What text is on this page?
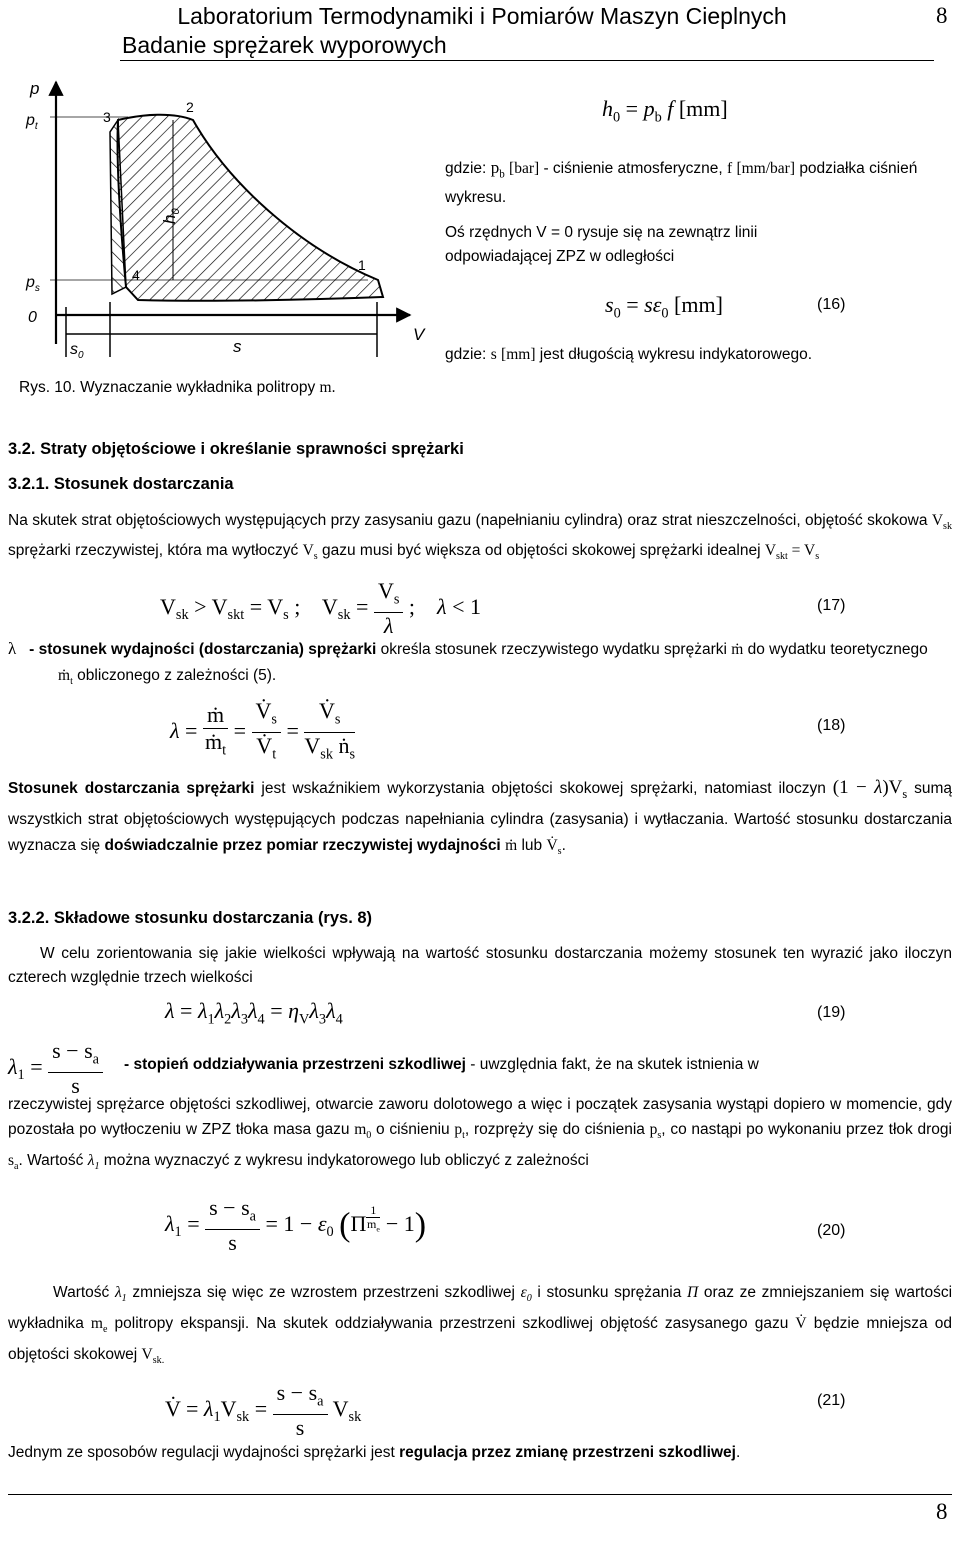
Laboratorium Termodynamiki i Pomiarów Maszyn Cieplnych
Badanie sprężarek wyporowych
8
p
$p_t$
$p_s$
0
$h_0$
V
s
$s_0$
2
3
4
1
Rys. 10. Wyznaczanie wykładnika politropy m.
$h_0 = p_b$ f [mm]
gdzie: $p_b$ [bar] - ciśnienie atmosferyczne, f [mm/bar] podziałka ciśnień wykresu.
Oś rzędnych V = 0 rysuje się na zewnątrz linii odpowiadającej ZPZ w odległości
$s_0 = s\varepsilon_0$ [mm]	(16)
gdzie: s [mm] jest długością wykresu indykatorowego.
3.2. Straty objętościowe i określanie sprawności sprężarki
3.2.1. Stosunek dostarczania
Na skutek strat objętościowych występujących przy zasysaniu gazu (napełnianiu cylindra) oraz strat nieszczelności, objętość skokowa $V_{sk}$ sprężarki rzeczywistej, która ma wytłoczyć $V_s$ gazu musi być większa od objętości skokowej sprężarki idealnej $V_{skt} = V_s$
$V_{sk} > V_{skt} = V_s$ ;    $V_{sk} = \frac{V_s}{\lambda}$ ;    λ < 1	(17)
λ - stosunek wydajności (dostarczania) sprężarki określa stosunek rzeczywistego wydatku sprężarki ṁ do wydatku teoretycznego
ṁ$_t$ obliczonego z zależności (5).
$\lambda = \frac{\text{ṁ}}{ṁ_t} = \frac{V̇_s}{V̇_t} = \frac{V̇_s}{V_{sk} ṅ_s}$	(18)
Stosunek dostarczania sprężarki jest wskaźnikiem wykorzystania objętości skokowej sprężarki, natomiast iloczyn $(1 - \lambda)V_s$ sumą wszystkich strat objętościowych występujących podczas napełniania cylindra (zasysania) i wytłaczania. Wartość stosunku dostarczania wyznacza się doświadczalnie przez pomiar rzeczywistej wydajności ṁ lub $V̇_s$.
3.2.2. Składowe stosunku dostarczania (rys. 8)
W celu zorientowania się jakie wielkości wpływają na wartość stosunku dostarczania możemy stosunek ten wyrazić jako iloczyn czterech względnie trzech wielkości
$\lambda = \lambda_1\lambda_2\lambda_3\lambda_4 = \eta_V\lambda_3\lambda_4$	(19)
$\lambda_1 = \frac{s - s_a}{s}$ - stopień oddziaływania przestrzeni szkodliwej - uwzględnia fakt, że na skutek istnienia w
rzeczywistej sprężarce objętości szkodliwej, otwarcie zaworu dolotowego a więc i początek zasysania wystąpi dopiero w momencie, gdy pozostała po wytłoczeniu w ZPZ tłoka masa gazu $m_0$ o ciśnieniu $p_t$, rozpręży się do ciśnienia $p_s$, co nastąpi po wykonaniu przez tłok drogi $s_a$. Wartość $\lambda_1$ można wyznaczyć z wykresu indykatorowego lub obliczyć z zależności
$\lambda_1 = \frac{s - s_a}{s} = 1 - \varepsilon_0$ (Π $^{\frac{1}{m_e}}$ − 1)	(20)
Wartość $\lambda_1$ zmniejsza się więc ze wzrostem przestrzeni szkodliwej $\varepsilon_0$ i stosunku sprężania Π oraz ze zmniejszaniem się wartości wykładnika $m_e$ politropy ekspansji. Na skutek oddziaływania przestrzeni szkodliwej objętość zasysanego gazu V̇ będzie mniejsza od objętości skokowej $V_{sk.}$
V̇ = $\lambda_1V_{sk} = \frac{s - s_a}{s} V_{sk}$
(21)
Jednym ze sposobów regulacji wydajności sprężarki jest regulacja przez zmianę przestrzeni szkodliwej.
8
